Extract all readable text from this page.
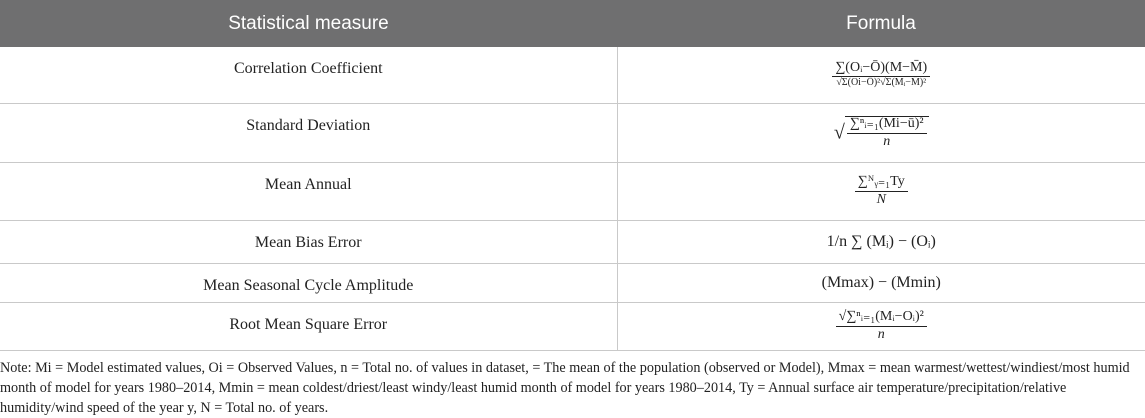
Statistical measure	Formula
Correlation Coefficient	$\frac{\text{∑(Oᵢ−Ō)(M−M̄)}}{\text{√Σ(Oi−Ō)²√Σ(Mᵢ−M̄)²}}$

Standard Deviation	√ $\frac{\text{∑ⁿᵢ₌₁(Mi−ū)²}}{n}$

Mean Annual	$\frac{\text{∑ᴺᵧ₌₁Ty}}{N}$

Mean Bias Error	1/n ∑ (Mᵢ) − (Oᵢ)
Mean Seasonal Cycle Amplitude	(Mmax) − (Mmin)
Root Mean Square Error	$\frac{\text{√∑ⁿᵢ₌₁(Mᵢ−Oᵢ)²}}{n}$

Note: Mi = Model estimated values, Oi = Observed Values, n = Total no. of values in dataset, = The mean of the population (observed or Model), Mmax = mean warmest/wettest/windiest/most humid month of model for years 1980–2014, Mmin = mean coldest/driest/least windy/least humid month of model for years 1980–2014, Ty = Annual surface air temperature/precipitation/relative humidity/wind speed of the year y, N = Total no. of years.
